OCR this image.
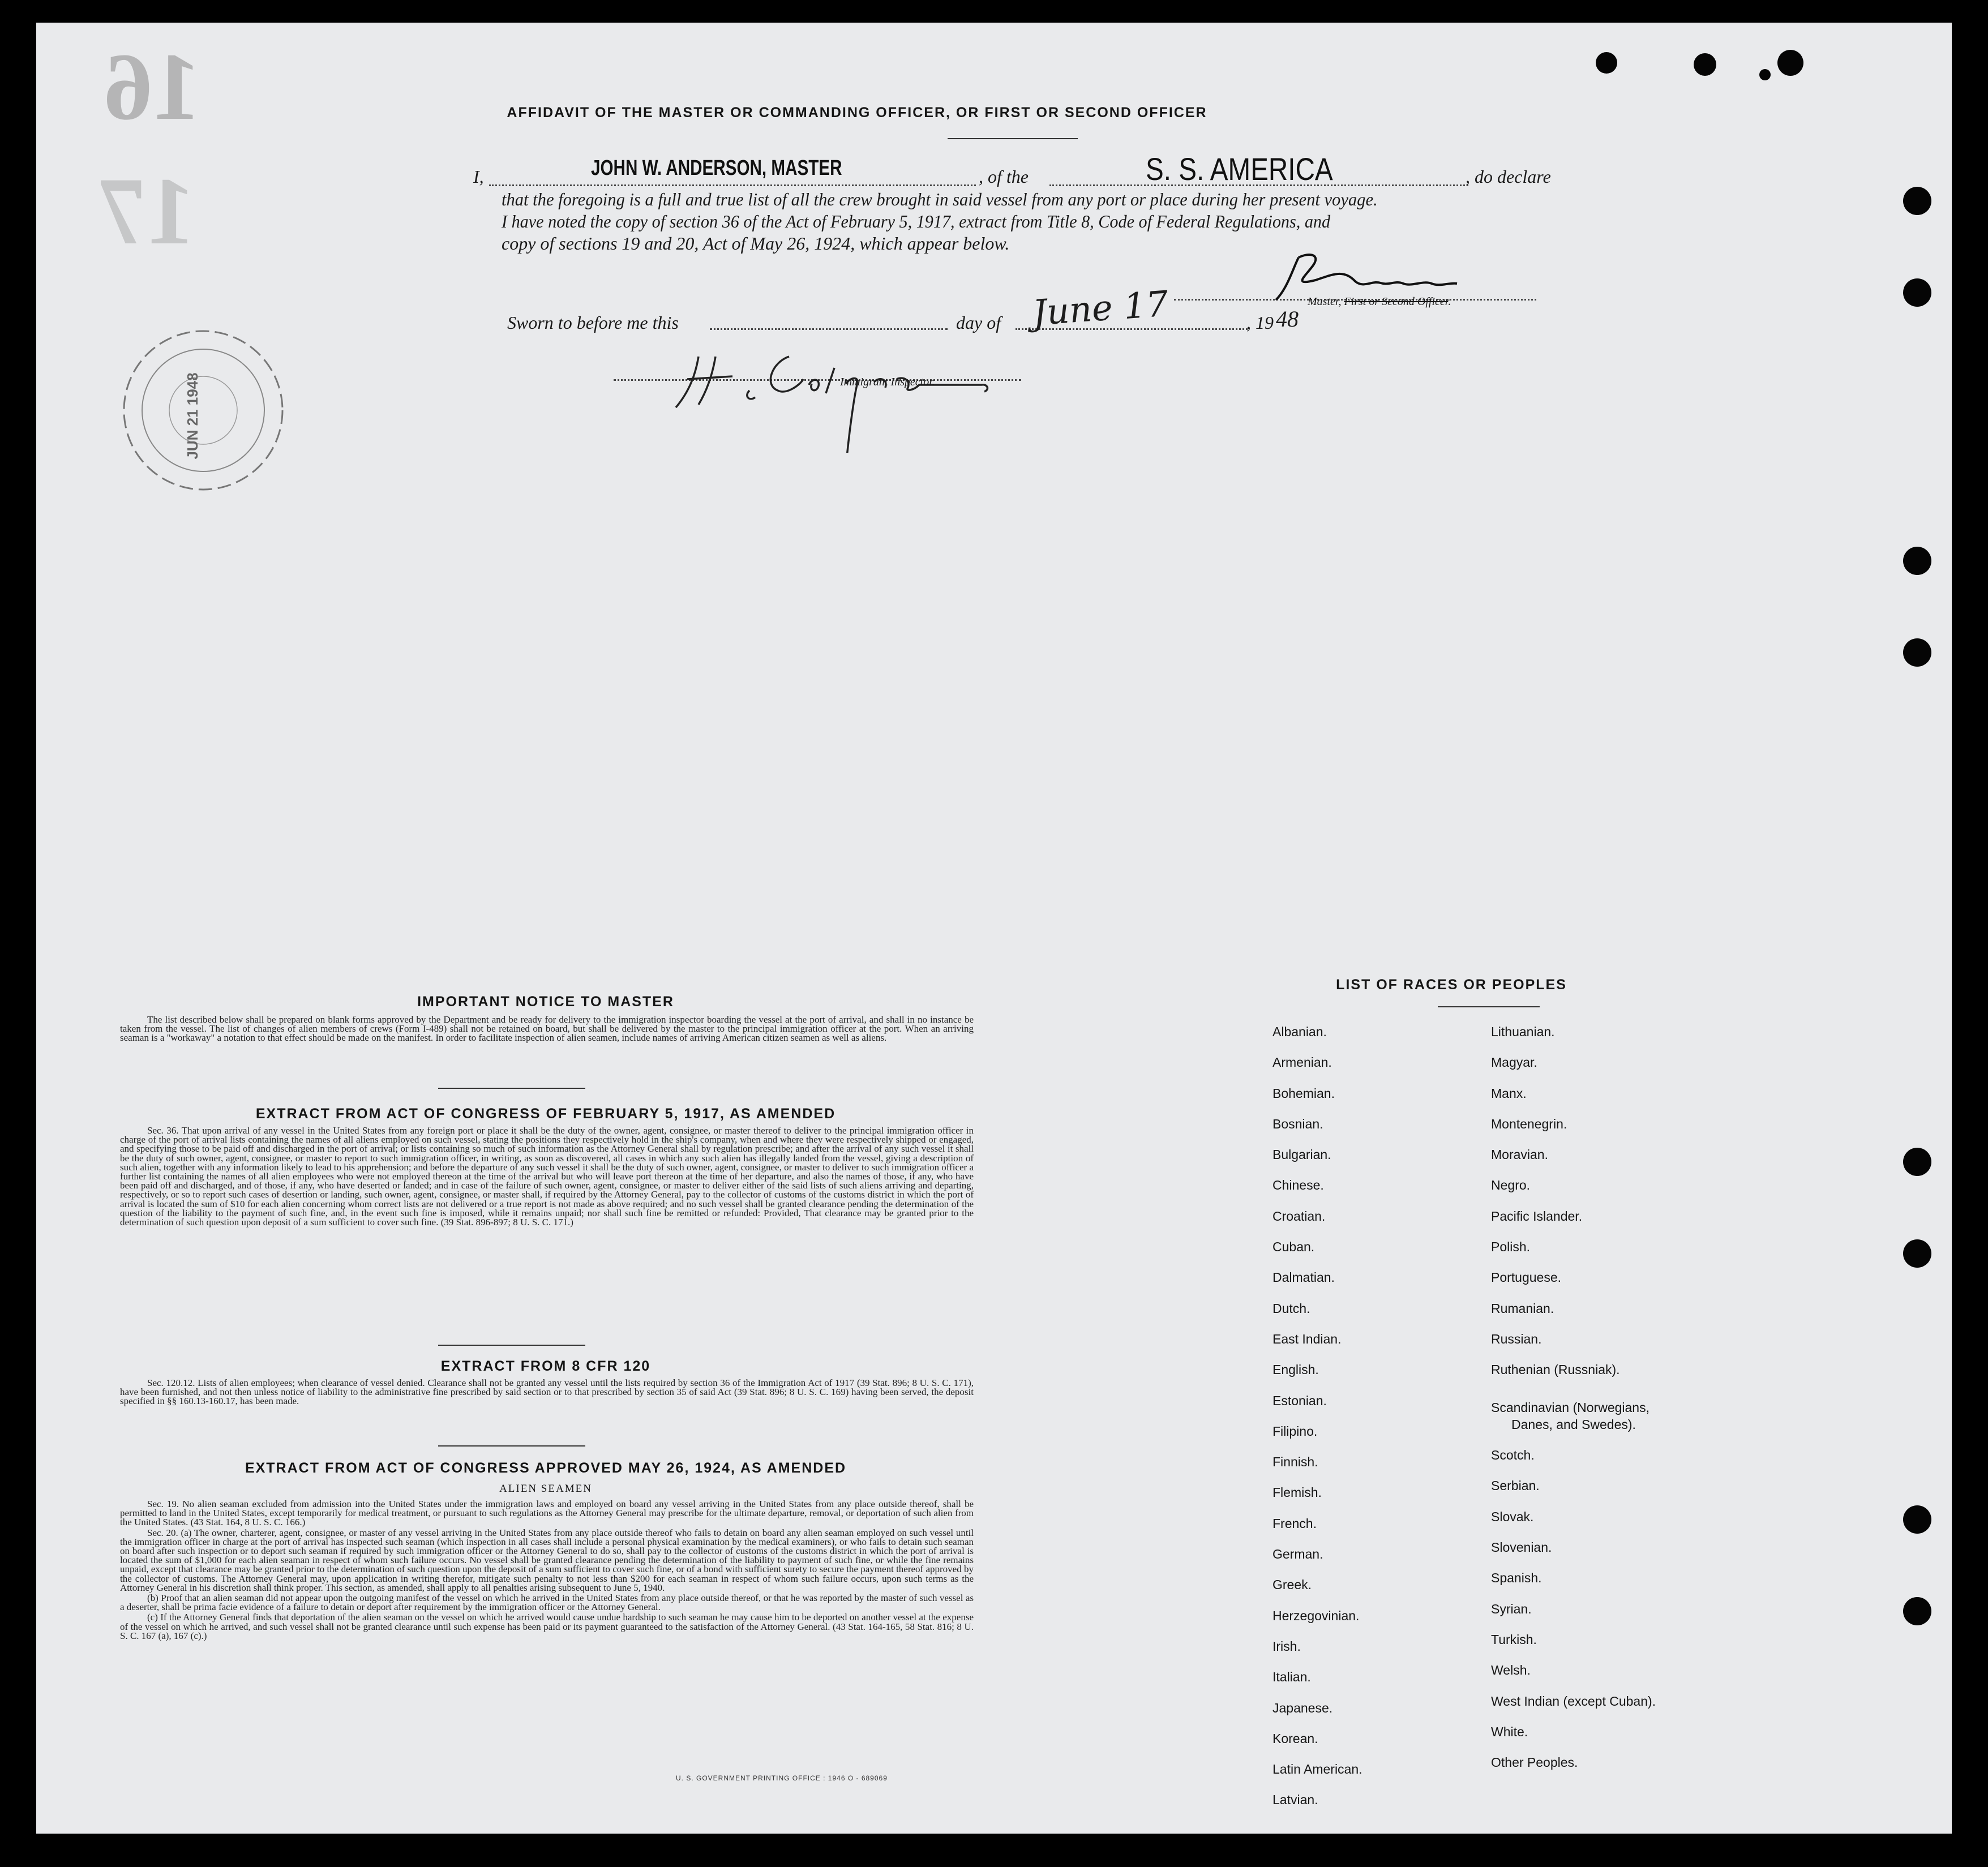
16
17
AFFIDAVIT OF THE MASTER OR COMMANDING OFFICER, OR FIRST OR SECOND OFFICER
I,	JOHN W. ANDERSON, MASTER	, of the	S. S. AMERICA	, do declare
that the foregoing is a full and true list of all the crew brought in said vessel from any port or place during her present voyage.
I have noted the copy of section 36 of the Act of February 5, 1917, extract from Title 8, Code of Federal Regulations, and
copy of sections 19 and 20, Act of May 26, 1924, which appear below.
Master, First or Second Officer.
Sworn to before me this	day of June 17	, 19 48
Immigrant Inspector.
JUN 21 1948
IMPORTANT NOTICE TO MASTER

The list described below shall be prepared on blank forms approved by the Department and be ready for delivery to the immigration inspector boarding the vessel at the port of arrival, and shall in no instance be taken from the vessel. The list of changes of alien members of crews (Form I-489) shall not be retained on board, but shall be delivered by the master to the principal immigration officer at the port. When an arriving seaman is a "workaway" a notation to that effect should be made on the manifest. In order to facilitate inspection of alien seamen, include names of arriving American citizen seamen as well as aliens.

EXTRACT FROM ACT OF CONGRESS OF FEBRUARY 5, 1917, AS AMENDED

Sec. 36. That upon arrival of any vessel in the United States from any foreign port or place it shall be the duty of the owner, agent, consignee, or master thereof to deliver to the principal immigration officer in charge of the port of arrival lists containing the names of all aliens employed on such vessel, stating the positions they respectively hold in the ship's company, when and where they were respectively shipped or engaged, and specifying those to be paid off and discharged in the port of arrival; or lists containing so much of such information as the Attorney General shall by regulation prescribe; and after the arrival of any such vessel it shall be the duty of such owner, agent, consignee, or master to report to such immigration officer, in writing, as soon as discovered, all cases in which any such alien has illegally landed from the vessel, giving a description of such alien, together with any information likely to lead to his apprehension; and before the departure of any such vessel it shall be the duty of such owner, agent, consignee, or master to deliver to such immigration officer a further list containing the names of all alien employees who were not employed thereon at the time of the arrival but who will leave port thereon at the time of her departure, and also the names of those, if any, who have been paid off and discharged, and of those, if any, who have deserted or landed; and in case of the failure of such owner, agent, consignee, or master to deliver either of the said lists of such aliens arriving and departing, respectively, or so to report such cases of desertion or landing, such owner, agent, consignee, or master shall, if required by the Attorney General, pay to the collector of customs of the customs district in which the port of arrival is located the sum of $10 for each alien concerning whom correct lists are not delivered or a true report is not made as above required; and no such vessel shall be granted clearance pending the determination of the question of the liability to the payment of such fine, and, in the event such fine is imposed, while it remains unpaid; nor shall such fine be remitted or refunded: Provided, That clearance may be granted prior to the determination of such question upon deposit of a sum sufficient to cover such fine. (39 Stat. 896-897; 8 U. S. C. 171.)

EXTRACT FROM 8 CFR 120

Sec. 120.12. Lists of alien employees; when clearance of vessel denied. Clearance shall not be granted any vessel until the lists required by section 36 of the Immigration Act of 1917 (39 Stat. 896; 8 U. S. C. 171), have been furnished, and not then unless notice of liability to the administrative fine prescribed by said section or to that prescribed by section 35 of said Act (39 Stat. 896; 8 U. S. C. 169) having been served, the deposit specified in §§ 160.13-160.17, has been made.

EXTRACT FROM ACT OF CONGRESS APPROVED MAY 26, 1924, AS AMENDED
ALIEN SEAMEN

Sec. 19. No alien seaman excluded from admission into the United States under the immigration laws and employed on board any vessel arriving in the United States from any place outside thereof, shall be permitted to land in the United States, except temporarily for medical treatment, or pursuant to such regulations as the Attorney General may prescribe for the ultimate departure, removal, or deportation of such alien from the United States. (43 Stat. 164, 8 U. S. C. 166.)

Sec. 20. (a) The owner, charterer, agent, consignee, or master of any vessel arriving in the United States from any place outside thereof who fails to detain on board any alien seaman employed on such vessel until the immigration officer in charge at the port of arrival has inspected such seaman (which inspection in all cases shall include a personal physical examination by the medical examiners), or who fails to detain such seaman on board after such inspection or to deport such seaman if required by such immigration officer or the Attorney General to do so, shall pay to the collector of customs of the customs district in which the port of arrival is located the sum of $1,000 for each alien seaman in respect of whom such failure occurs. No vessel shall be granted clearance pending the determination of the liability to payment of such fine, or while the fine remains unpaid, except that clearance may be granted prior to the determination of such question upon the deposit of a sum sufficient to cover such fine, or of a bond with sufficient surety to secure the payment thereof approved by the collector of customs. The Attorney General may, upon application in writing therefor, mitigate such penalty to not less than $200 for each seaman in respect of whom such failure occurs, upon such terms as the Attorney General in his discretion shall think proper. This section, as amended, shall apply to all penalties arising subsequent to June 5, 1940.

(b) Proof that an alien seaman did not appear upon the outgoing manifest of the vessel on which he arrived in the United States from any place outside thereof, or that he was reported by the master of such vessel as a deserter, shall be prima facie evidence of a failure to detain or deport after requirement by the immigration officer or the Attorney General.

(c) If the Attorney General finds that deportation of the alien seaman on the vessel on which he arrived would cause undue hardship to such seaman he may cause him to be deported on another vessel at the expense of the vessel on which he arrived, and such vessel shall not be granted clearance until such expense has been paid or its payment guaranteed to the satisfaction of the Attorney General. (43 Stat. 164-165, 58 Stat. 816; 8 U. S. C. 167 (a), 167 (c).)

U. S. GOVERNMENT PRINTING OFFICE : 1946 O - 689069
LIST OF RACES OR PEOPLES
Albanian.
Armenian.
Bohemian.
Bosnian.
Bulgarian.
Chinese.
Croatian.
Cuban.
Dalmatian.
Dutch.
East Indian.
English.
Estonian.
Filipino.
Finnish.
Flemish.
French.
German.
Greek.
Herzegovinian.
Irish.
Italian.
Japanese.
Korean.
Latin American.
Latvian.
Lithuanian.
Magyar.
Manx.
Montenegrin.
Moravian.
Negro.
Pacific Islander.
Polish.
Portuguese.
Rumanian.
Russian.
Ruthenian (Russniak).
Scandinavian (Norwegians,
Danes, and Swedes).
Scotch.
Serbian.
Slovak.
Slovenian.
Spanish.
Syrian.
Turkish.
Welsh.
West Indian (except Cuban).
White.
Other Peoples.
